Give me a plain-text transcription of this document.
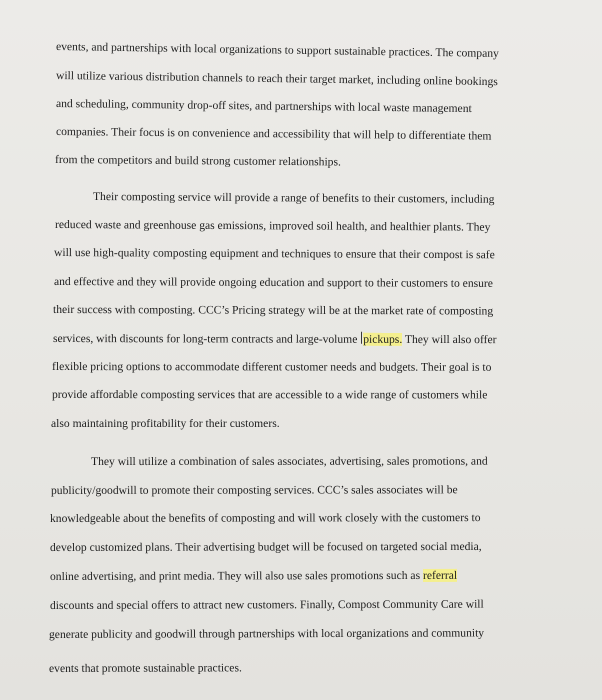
events, and partnerships with local organizations to support sustainable practices. The company

will utilize various distribution channels to reach their target market, including online bookings

and scheduling, community drop-off sites, and partnerships with local waste management

companies. Their focus is on convenience and accessibility that will help to differentiate them

from the competitors and build strong customer relationships.

Their composting service will provide a range of benefits to their customers, including

reduced waste and greenhouse gas emissions, improved soil health, and healthier plants. They

will use high-quality composting equipment and techniques to ensure that their compost is safe

and effective and they will provide ongoing education and support to their customers to ensure

their success with composting. CCC’s Pricing strategy will be at the market rate of composting

services, with discounts for long-term contracts and large-volume pickups. They will also offer

flexible pricing options to accommodate different customer needs and budgets. Their goal is to

provide affordable composting services that are accessible to a wide range of customers while

also maintaining profitability for their customers.

They will utilize a combination of sales associates, advertising, sales promotions, and

publicity/goodwill to promote their composting services. CCC’s sales associates will be

knowledgeable about the benefits of composting and will work closely with the customers to

develop customized plans. Their advertising budget will be focused on targeted social media,

online advertising, and print media. They will also use sales promotions such as referral

discounts and special offers to attract new customers. Finally, Compost Community Care will

generate publicity and goodwill through partnerships with local organizations and community

events that promote sustainable practices.
